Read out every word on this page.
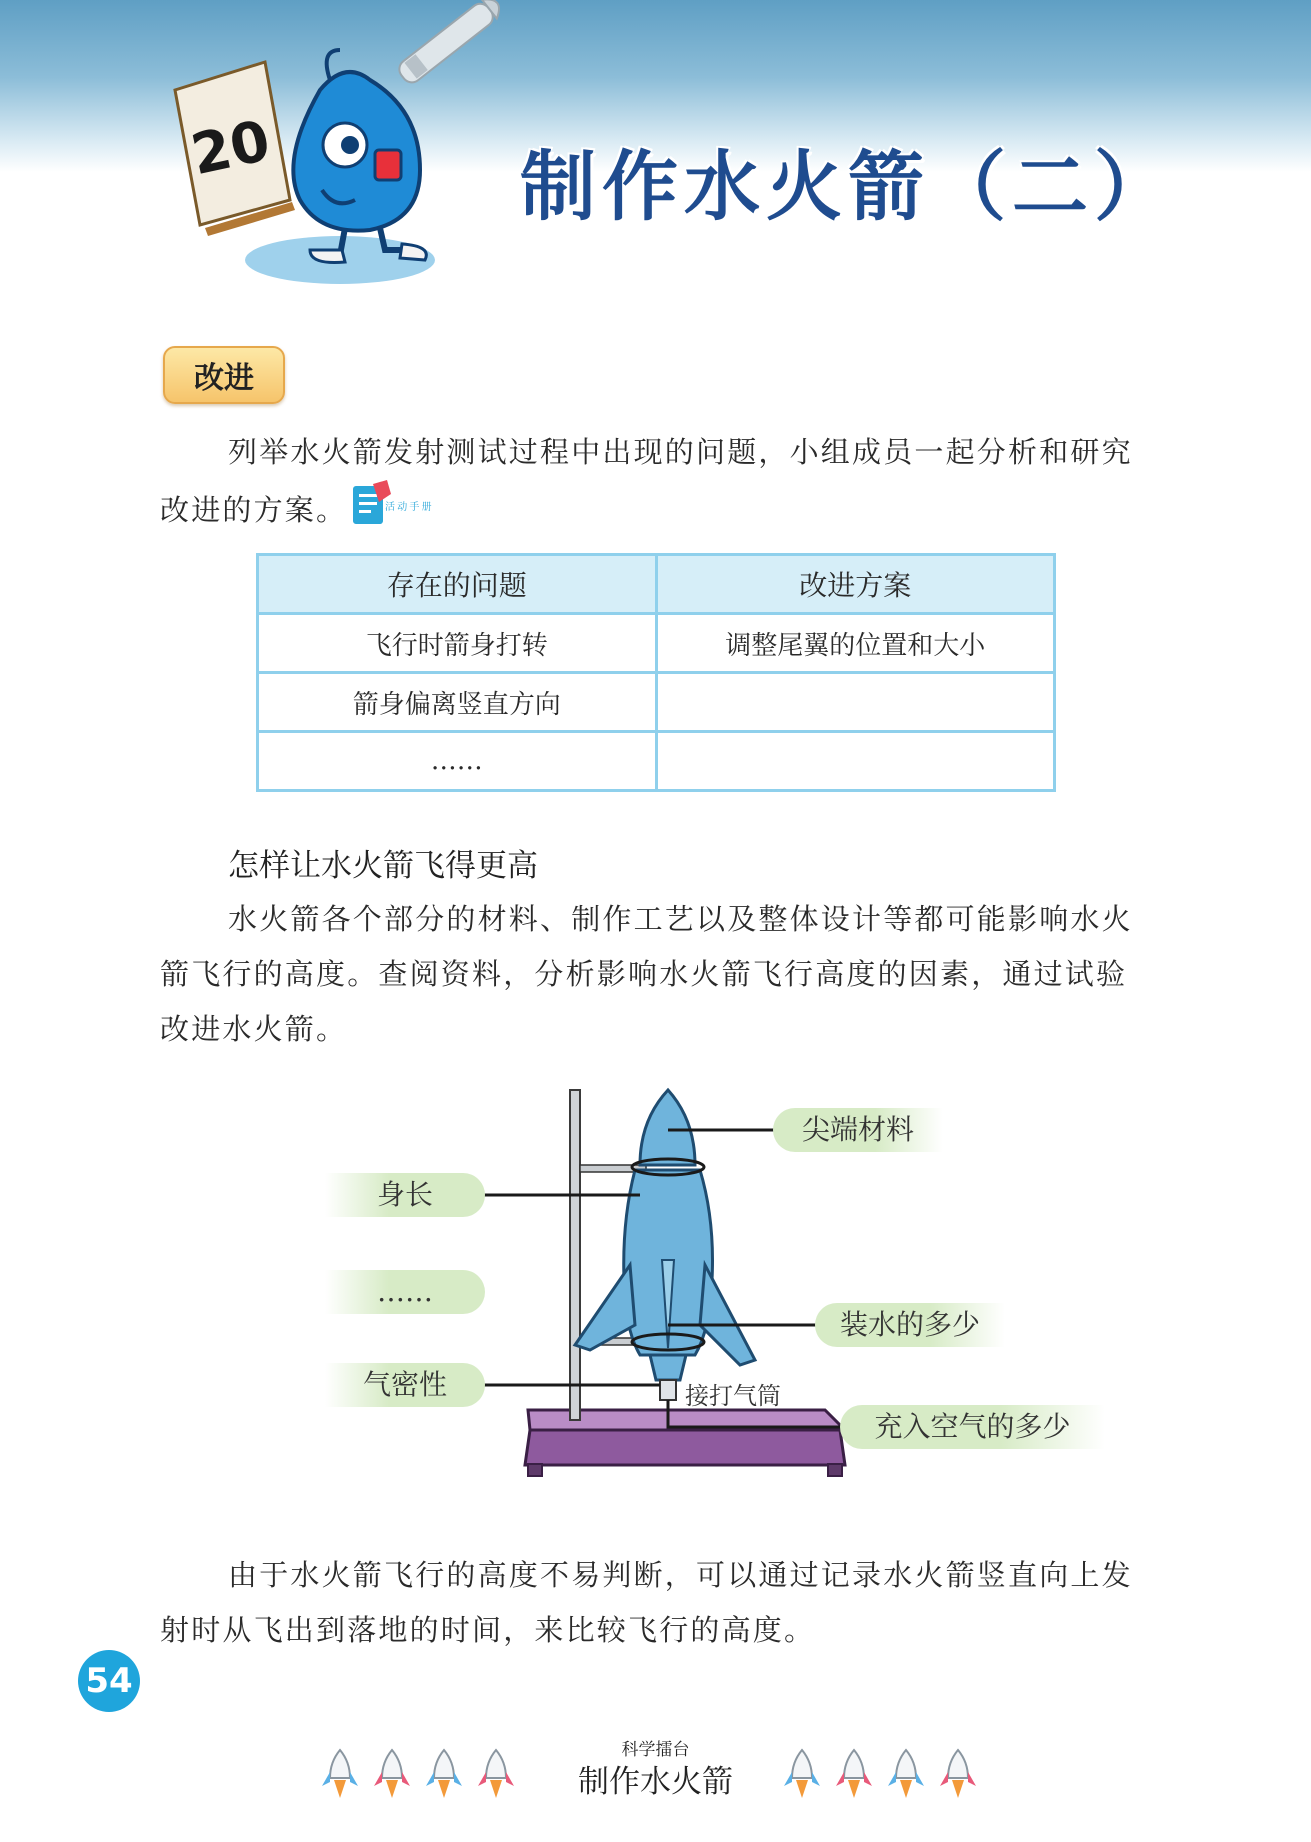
20	制作水火箭（二）
改进

列举水火箭发射测试过程中出现的问题，小组成员一起分析和研究改进的方案。	活动手册

存在的问题	改进方案
飞行时箭身打转	调整尾翼的位置和大小
箭身偏离竖直方向	
……	
怎样让水火箭飞得更高

水火箭各个部分的材料、制作工艺以及整体设计等都可能影响水火箭飞行的高度。查阅资料，分析影响水火箭飞行高度的因素，通过试验改进水火箭。

尖端材料
身长
……
装水的多少
气密性	接打气筒
充入空气的多少

由于水火箭飞行的高度不易判断，可以通过记录水火箭竖直向上发射时从飞出到落地的时间，来比较飞行的高度。

54
科学擂台
制作水火箭
